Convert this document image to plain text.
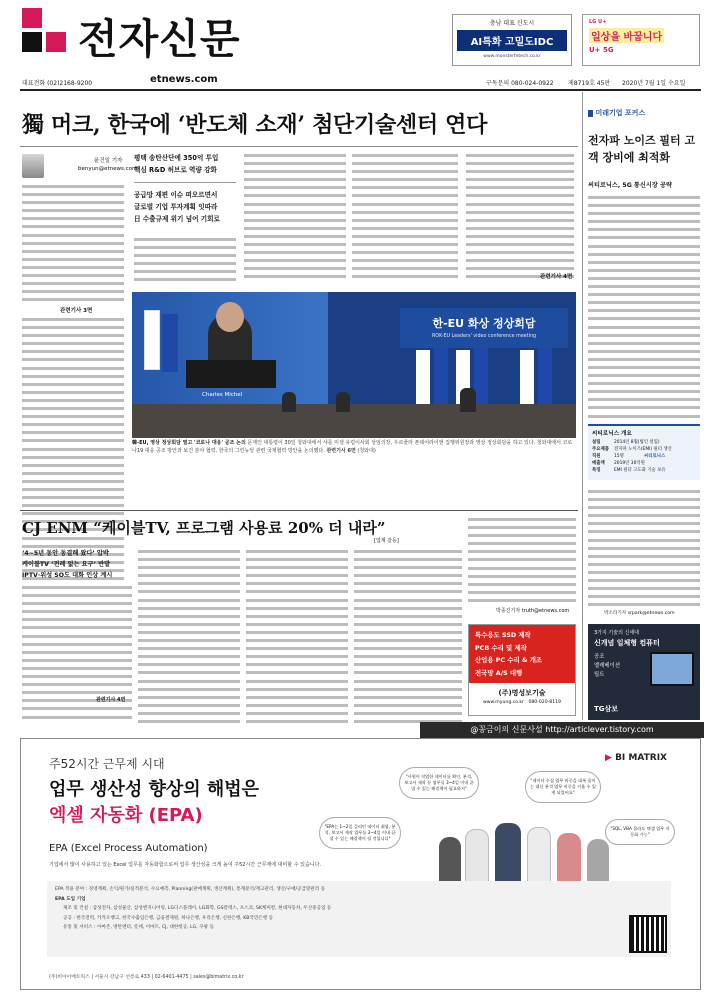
전자신문	충남 대표 신도시
AI특화 고밀도IDC
www.monsterfetech.co.kr
LG U+
일상을 바꿉니다
U+ 5G
대표전화 (02)2168-9200	etnews.com	구독문의 080-024-0922 제8719호 45판 2020년 7월 1일 수요일
獨 머크, 한국에 ‘반도체 소재’ 첨단기술센터 연다
윤건일 기자
benyun@etnews.com
관련기사 3면
평택 송탄산단에 350억 투입
핵심 R&D 허브로 역량 강화
공급망 재편 이슈 떠오르면서
글로벌 기업 투자계획 잇따라
日 수출규제 위기 넘어 기회로
관련기사 4면
Charles Michel
한-EU 화상 정상회담
ROK-EU Leaders' video conference meeting
韓-EU, 영상 정상회담 열고 '코로나 대응' 공조 논의 문재인 대통령이 30일 청와대에서 샤를 미셸 유럽이사회 상임의장, 우르줄라 폰데어라이엔 집행위원장과 영상 정상회담을 하고 있다. 청와대에서 코로나19 대응 공조 방안과 보건 분야 협력, 한국의 그린뉴딜 관련 국제협력 방안을 논의했다. 관련기사 6면 (청와대)
CJ ENM “케이블TV, 프로그램 사용료 20% 더 내라”
[업계 갈등]
‘4~5년 동안 동결해 왔다’ 압박
케이블TV ‘전례 없는 요구’ 반발
IPTV·위성 SO도 대화 인상 계시
관련기사 4면
박종진기자 truth@etnews.com
특수용도 SSD 제작
PCB 수리 및 제작
산업용 PC 수리 & 개조
전국망 A/S 대행
(주)명성보기술
www.myung.co.kr 080-020-8119
미래기업 포커스
전자파 노이즈 필터 고객 장비에 최적화
씨티로닉스, 5G 통신시장 공략
씨티로닉스 개요
설립	2014년 8월(법인 설립)
주요제품	전자파 노이즈(EMI) 필터 생산
직원	15명	씨티로닉스
매출액	2019년 30억원
특징	EMI 필터 고도화 기술 보유
박소라기자 srpark@etnews.com
3가지 기술의 신세대
신개념 일체형 컴퓨터
공조
엘레베이션
틸트
TG삼보
@꽁금이의 신문사설 http://articlever.tistory.com
주52시간 근무제 시대
업무 생산성 향상의 해법은
엑셀 자동화 (EPA)
▶ BI MATRIX
"사원이 작업한 데이터를 확인, 분석, 보고서 제작 등 업무를 3~4일 이내 끝낼 수 있는 해결책이 필요하지"
"EPA는 1~2일 걸리던 데이터 취합, 분석, 보고서 제작 업무를 3~4일 이내 끝낼 수 있는 해결책이 될 것입니다"
"데이터 수집 업무 비중을 대폭 줄이는 대신 분석 업무 비중을 키울 수 있게 되었어요"
"SQL, VBA 몰라도 엑셀 업무 자동화 가능"
EPA (Excel Process Automation)
기업에서 많이 사용하고 있는 Excel 업무를 자동화함으로써 업무 생산성을 크게 높여 주52시간 근무제에 대비할 수 있습니다.
EPA 적용 분야 : 경영계획, 손익/원가/실적분석, 수요예측, Planning(판매계획, 생산계획), 통계분석/재고관리, 생산/구매/공급망관리 등
EPA 도입 기업
제조 및 건설 : 삼성전자, 삼성물산, 삼성엔지니어링, LG디스플레이, LG화학, GS칼텍스, 포스코, SK케미칼, 현대자동차, 두산중공업 등
공공 : 한국전력, 카카오뱅크, 한국수출입은행, 금융결제원, 하나은행, 우리은행, 신한은행, KB국민은행 등
유통 및 서비스 : 아마존, 방탄엔터, 롯데, 이마트, CJ, 대한항공, LG, 쿠팡 등
(주)비아이매트릭스 | 서울시 강남구 선릉로 433 | 02-6401-4475 | sales@bimatrix.co.kr
